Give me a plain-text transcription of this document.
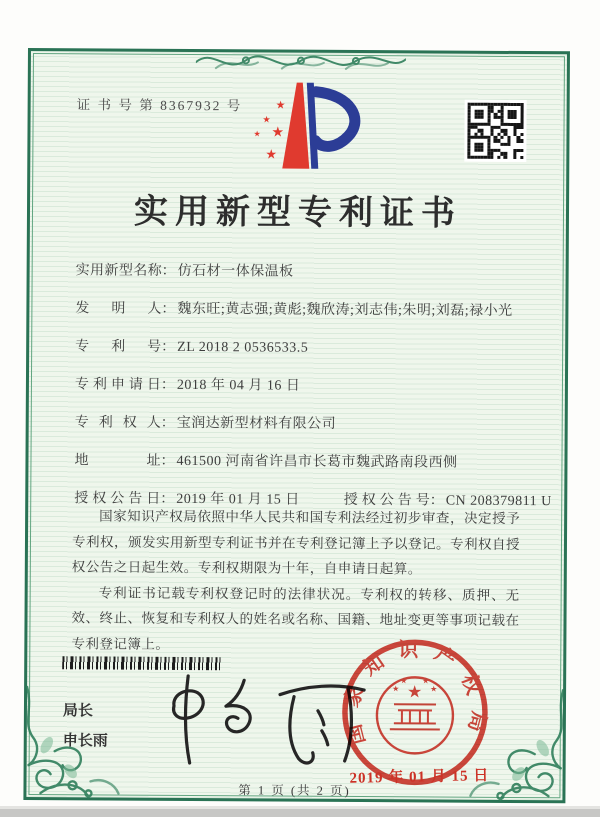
证 书 号 第 8367932 号	★
★
★ ★
★
实用新型专利证书
实用新型名称： 仿石材一体保温板
发明人： 魏东旺;黄志强;黄彪;魏欣涛;刘志伟;朱明;刘磊;禄小光
专利号： ZL 2018 2 0536533.5
专利申请日： 2018 年 04 月 16 日
专利权人： 宝润达新型材料有限公司
地址： 461500 河南省许昌市长葛市魏武路南段西侧
授权公告日： 2019 年 01 月 15 日	授权公告号： CN 208379811 U

国家知识产权局依照中华人民共和国专利法经过初步审查，决定授予专利权，颁发实用新型专利证书并在专利登记簿上予以登记。专利权自授权公告之日起生效。专利权期限为十年，自申请日起算。

专利证书记载专利权登记时的法律状况。专利权的转移、质押、无效、终止、恢复和专利权人的姓名或名称、国籍、地址变更等事项记载在专利登记簿上。

局长
申长雨	国家知识产权局
★
★
★ ★
★
2019 年 01 月 15 日
第 1 页 (共 2 页)
